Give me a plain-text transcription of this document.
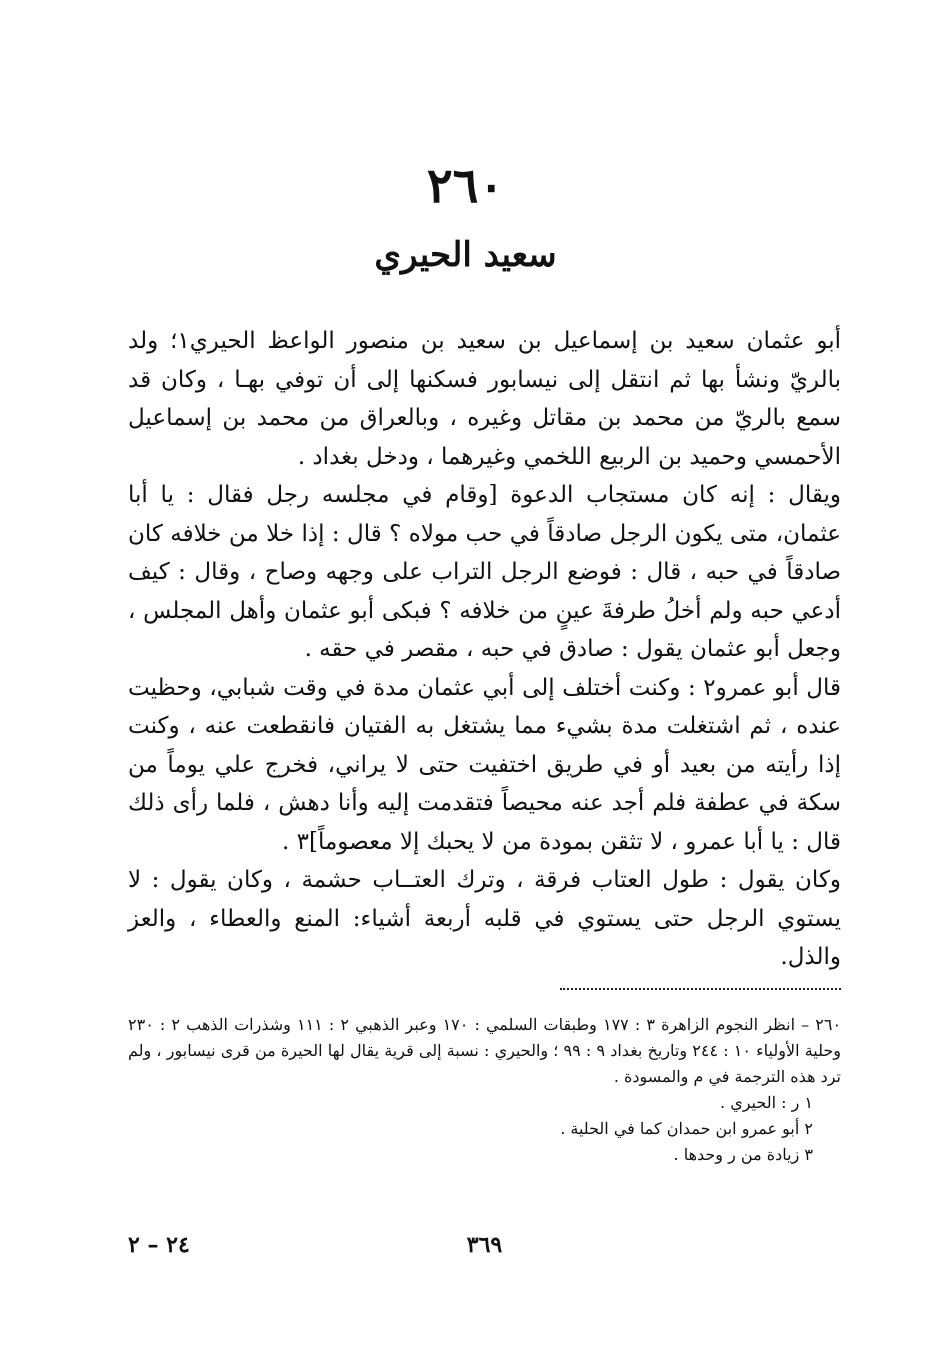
٢٦٠
سعيد الحيري

أبو عثمان سعيد بن إسماعيل بن سعيد بن منصور الواعظ الحيري١؛ ولد بالريّ ونشأ بها ثم انتقل إلى نيسابور فسكنها إلى أن توفي بهـا ، وكان قد سمع بالريّ من محمد بن مقاتل وغيره ، وبالعراق من محمد بن إسماعيل الأحمسي وحميد بن الربيع اللخمي وغيرهما ، ودخل بغداد .

ويقال : إنه كان مستجاب الدعوة [وقام في مجلسه رجل فقال : يا أبا عثمان، متى يكون الرجل صادقاً في حب مولاه ؟ قال : إذا خلا من خلافه كان صادقاً في حبه ، قال : فوضع الرجل التراب على وجهه وصاح ، وقال : كيف أدعي حبه ولم أخلُ طرفةَ عينٍ من خلافه ؟ فبكى أبو عثمان وأهل المجلس ، وجعل أبو عثمان يقول : صادق في حبه ، مقصر في حقه .

قال أبو عمرو٢ : وكنت أختلف إلى أبي عثمان مدة في وقت شبابي، وحظيت عنده ، ثم اشتغلت مدة بشيء مما يشتغل به الفتيان فانقطعت عنه ، وكنت إذا رأيته من بعيد أو في طريق اختفيت حتى لا يراني، فخرج علي يوماً من سكة في عطفة فلم أجد عنه محيصاً فتقدمت إليه وأنا دهش ، فلما رأى ذلك قال : يا أبا عمرو ، لا تثقن بمودة من لا يحبك إلا معصوماً]٣ .

وكان يقول : طول العتاب فرقة ، وترك العتــاب حشمة ، وكان يقول : لا يستوي الرجل حتى يستوي في قلبه أربعة أشياء: المنع والعطاء ، والعز والذل.

٢٦٠ – انظر النجوم الزاهرة ٣ : ١٧٧ وطبقات السلمي : ١٧٠ وعبر الذهبي ٢ : ١١١ وشذرات الذهب ٢ : ٢٣٠ وحلية الأولياء ١٠ : ٢٤٤ وتاريخ بغداد ٩ : ٩٩ ؛ والحيري : نسبة إلى قرية يقال لها الحيرة من قرى نيسابور ، ولم ترد هذه الترجمة في م والمسودة .

١ ر : الحيري .

٢ أبو عمرو ابن حمدان كما في الحلية .

٣ زيادة من ر وحدها .

٣٦٩
٢٤ – ٢
